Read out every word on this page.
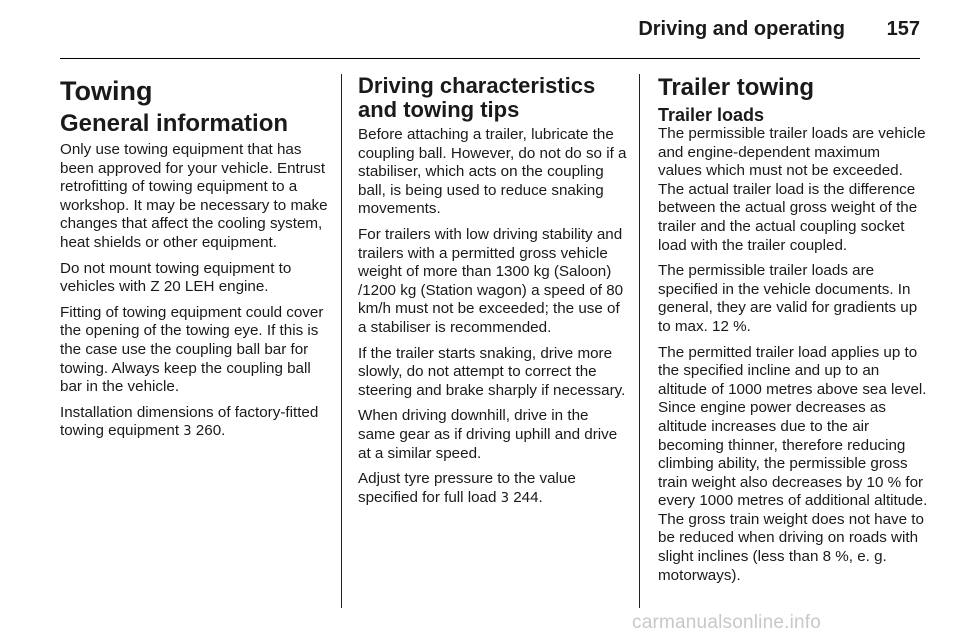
Driving and operating	157
Towing
General information

Only use towing equipment that has been approved for your vehicle. Entrust retrofitting of towing equipment to a workshop. It may be necessary to make changes that affect the cooling system, heat shields or other equipment.

Do not mount towing equipment to vehicles with Z 20 LEH engine.

Fitting of towing equipment could cover the opening of the towing eye. If this is the case use the coupling ball bar for towing. Always keep the coupling ball bar in the vehicle.

Installation dimensions of factory-fitted towing equipment 3 260.

Driving characteristics and towing tips

Before attaching a trailer, lubricate the coupling ball. However, do not do so if a stabiliser, which acts on the coupling ball, is being used to reduce snaking movements.

For trailers with low driving stability and trailers with a permitted gross vehicle weight of more than 1300 kg (Saloon) /1200 kg (Station wagon) a speed of 80 km/h must not be exceeded; the use of a stabiliser is recommended.

If the trailer starts snaking, drive more slowly, do not attempt to correct the steering and brake sharply if necessary.

When driving downhill, drive in the same gear as if driving uphill and drive at a similar speed.

Adjust tyre pressure to the value specified for full load 3 244.

Trailer towing
Trailer loads

The permissible trailer loads are vehicle and engine-dependent maximum values which must not be exceeded. The actual trailer load is the difference between the actual gross weight of the trailer and the actual coupling socket load with the trailer coupled.

The permissible trailer loads are specified in the vehicle documents. In general, they are valid for gradients up to max. 12 %.

The permitted trailer load applies up to the specified incline and up to an altitude of 1000 metres above sea level. Since engine power decreases as altitude increases due to the air becoming thinner, therefore reducing climbing ability, the permissible gross train weight also decreases by 10 % for every 1000 metres of additional altitude. The gross train weight does not have to be reduced when driving on roads with slight inclines (less than 8 %, e. g. motorways).

carmanualsonline.info
